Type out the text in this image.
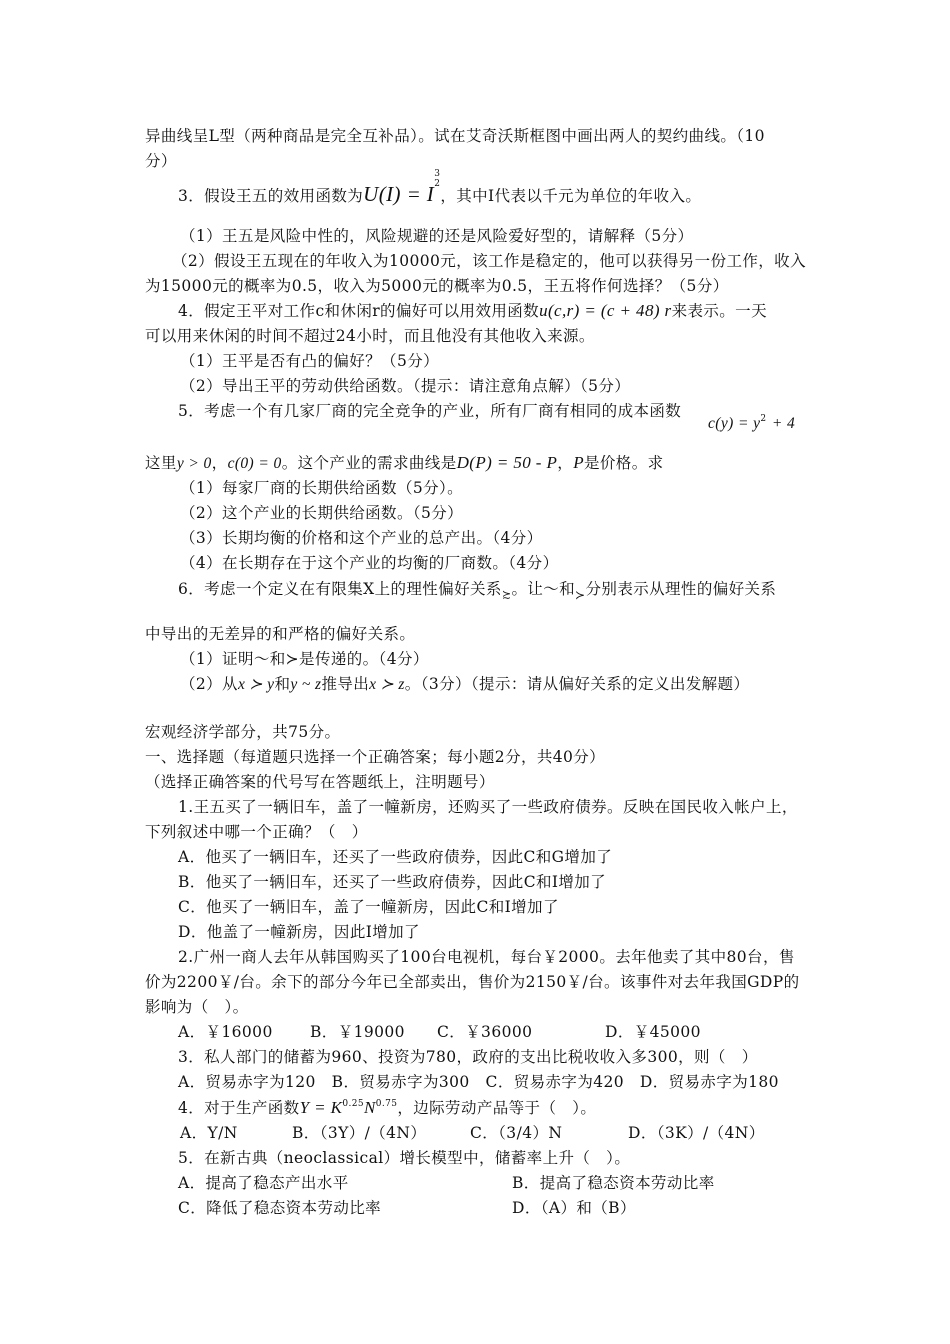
异曲线呈L型（两种商品是完全互补品）。试在艾奇沃斯框图中画出两人的契约曲线。（10
分）
3．假设王五的效用函数为U(I) = I
3
2
，其中I代表以千元为单位的年收入。
（1）王五是风险中性的，风险规避的还是风险爱好型的，请解释（5分）
（2）假设王五现在的年收入为10000元，该工作是稳定的，他可以获得另一份工作，收入
为15000元的概率为0.5，收入为5000元的概率为0.5，王五将作何选择？（5分）
4．假定王平对工作c和休闲r的偏好可以用效用函数u(c,r) = (c + 48) r来表示。一天
可以用来休闲的时间不超过24小时，而且他没有其他收入来源。
（1）王平是否有凸的偏好？（5分）
（2）导出王平的劳动供给函数。（提示：请注意角点解）（5分）
5．考虑一个有几家厂商的完全竞争的产业，所有厂商有相同的成本函数
$c(y) = y^2 + 4$
这里y > 0，c(0) = 0。这个产业的需求曲线是D(P) = 50 - P，P是价格。求
（1）每家厂商的长期供给函数（5分）。
（2）这个产业的长期供给函数。（5分）
（3）长期均衡的价格和这个产业的总产出。（4分）
（4）在长期存在于这个产业的均衡的厂商数。（4分）
6．考虑一个定义在有限集X上的理性偏好关系$_≿$。让～和$_≻$分别表示从理性的偏好关系
中导出的无差异的和严格的偏好关系。
（1）证明～和≻是传递的。（4分）
（2）从x ≻ y和y ~ z推导出x ≻ z。（3分）（提示：请从偏好关系的定义出发解题）
宏观经济学部分，共75分。
一、选择题（每道题只选择一个正确答案；每小题2分，共40分）
（选择正确答案的代号写在答题纸上，注明题号）
1.王五买了一辆旧车，盖了一幢新房，还购买了一些政府债券。反映在国民收入帐户上，
下列叙述中哪一个正确？（　）
A．他买了一辆旧车，还买了一些政府债券，因此C和G增加了
B．他买了一辆旧车，还买了一些政府债券，因此C和I增加了
C．他买了一辆旧车，盖了一幢新房，因此C和I增加了
D．他盖了一幢新房，因此I增加了
2.广州一商人去年从韩国购买了100台电视机，每台￥2000。去年他卖了其中80台，售
价为2200￥/台。余下的部分今年已全部卖出，售价为2150￥/台。该事件对去年我国GDP的
影响为（　）。
A．￥16000 B．￥19000 C．￥36000	D．￥45000
3．私人部门的储蓄为960、投资为780，政府的支出比税收收入多300，则（　）
A．贸易赤字为120　B．贸易赤字为300　C．贸易赤字为420　D．贸易赤字为180
4．对于生产函数$Y = K^{0.25}N^{0.75}$，边际劳动产品等于（　）。
A．Y/N	B．（3Y）/（4N）	C．（3/4）N	D．（3K）/（4N）
5．在新古典（neoclassical）增长模型中，储蓄率上升（　）。
A．提高了稳态产出水平	B．提高了稳态资本劳动比率
C．降低了稳态资本劳动比率	D．（A）和（B）
